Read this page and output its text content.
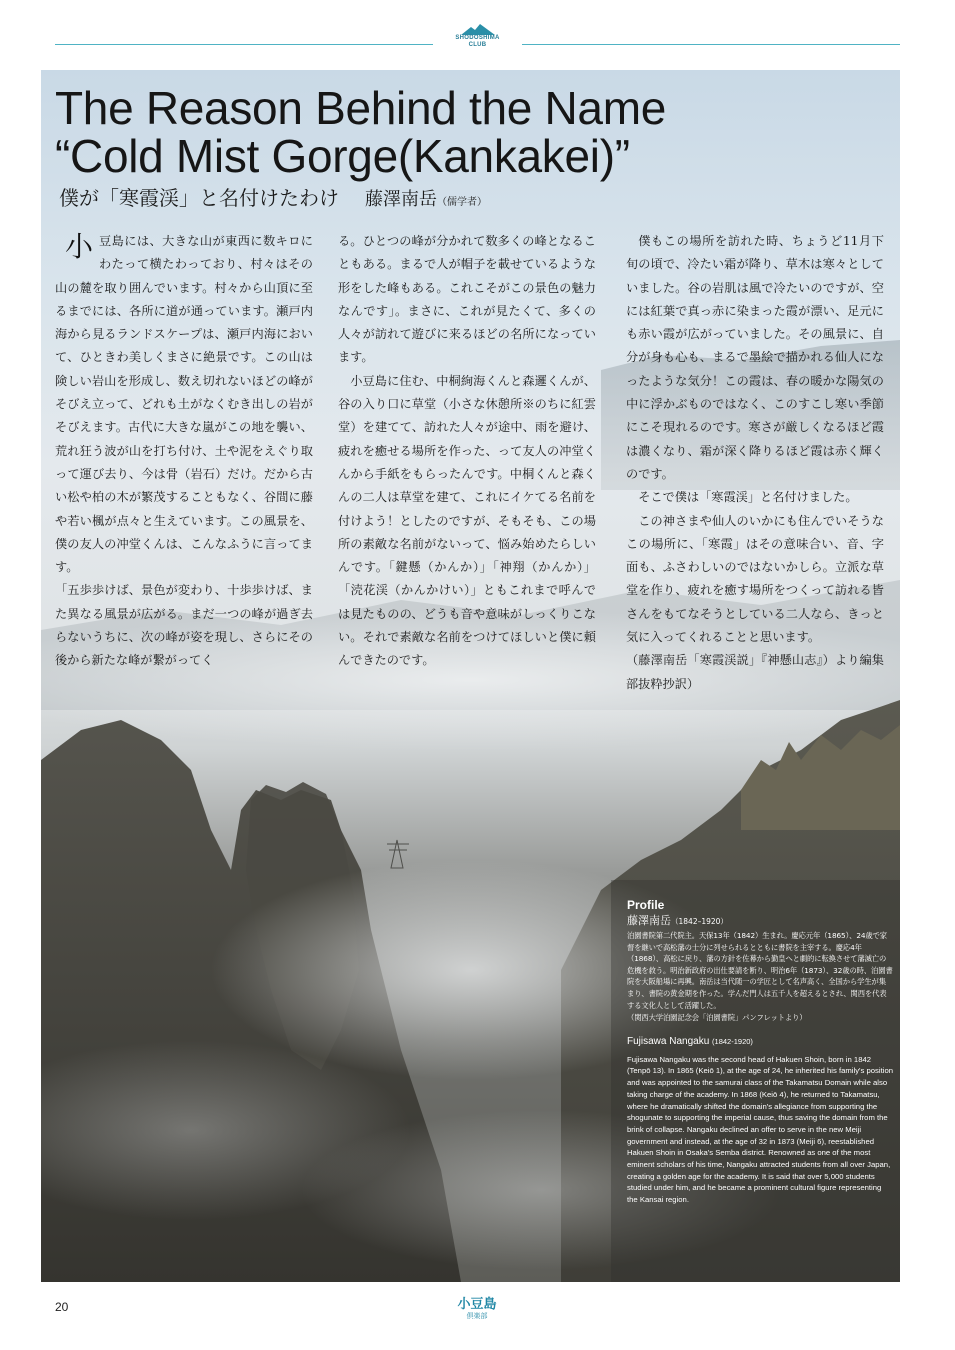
SHODOSHIMA
CLUB
The Reason Behind the Name
“Cold Mist Gorge(Kankakei)”
僕が「寒霞渓」と名付けたわけ 藤澤南岳（儒学者）
小 豆島には、大きな山が東西に数キロにわたって横たわっており、村々はその山の麓を取り囲んでいます。村々から山頂に至るまでには、各所に道が通っています。瀬戸内海から見るランドスケープは、瀬戸内海において、ひときわ美しくまさに絶景です。この山は険しい岩山を形成し、数え切れないほどの峰がそびえ立って、どれも土がなくむき出しの岩がそびえます。古代に大きな嵐がこの地を襲い、荒れ狂う波が山を打ち付け、土や泥をえぐり取って運び去り、今は骨（岩石）だけ。だから古い松や柏の木が繁茂することもなく、谷間に藤や若い楓が点々と生えています。この風景を、僕の友人の冲堂くんは、こんなふうに言ってます。

「五歩歩けば、景色が変わり、十歩歩けば、また異なる風景が広がる。まだ一つの峰が過ぎ去らないうちに、次の峰が姿を現し、さらにその後から新たな峰が繋がってく

る。ひとつの峰が分かれて数多くの峰となることもある。まるで人が帽子を載せているような形をした峰もある。これこそがこの景色の魅力なんです」。まさに、これが見たくて、多くの人々が訪れて遊びに来るほどの名所になっています。

小豆島に住む、中桐絢海くんと森邏くんが、谷の入り口に草堂（小さな休憩所※のちに紅雲堂）を建てて、訪れた人々が途中、雨を避け、疲れを癒せる場所を作った、って友人の冲堂くんから手紙をもらったんです。中桐くんと森くんの二人は草堂を建て、これにイケてる名前を付けよう！としたのですが、そもそも、この場所の素敵な名前がないって、悩み始めたらしいんです。「鍵懸（かんか）」「神翔（かんか）」「涜花渓（かんかけい）」ともこれまで呼んでは見たものの、どうも音や意味がしっくりこない。それで素敵な名前をつけてほしいと僕に頼んできたのです。

僕もこの場所を訪れた時、ちょうど11月下旬の頃で、冷たい霜が降り、草木は寒々としていました。谷の岩肌は風で冷たいのですが、空には紅葉で真っ赤に染まった霞が漂い、足元にも赤い霞が広がっていました。その風景に、自分が身も心も、まるで墨絵で描かれる仙人になったような気分！この霞は、春の暖かな陽気の中に浮かぶものではなく、このすこし寒い季節にこそ現れるのです。寒さが厳しくなるほど霞は濃くなり、霜が深く降りるほど霞は赤く輝くのです。

そこで僕は「寒霞渓」と名付けました。

この神さまや仙人のいかにも住んでいそうなこの場所に、「寒霞」はその意味合い、音、字面も、ふさわしいのではないかしら。立派な草堂を作り、疲れを癒す場所をつくって訪れる皆さんをもてなそうとしている二人なら、きっと気に入ってくれることと思います。

（藤澤南岳「寒霞渓説」『神懸山志』）より編集部抜粋抄訳）

Profile
藤澤南岳（1842–1920）
泊園書院第二代院主。天保13年（1842）生まれ。慶応元年（1865）、24歳で家督を継いで高松藩の士分に列せられるとともに書院を主宰する。慶応4年（1868）、高松に戻り、藩の方針を佐幕から勤皇へと劇的に転換させて藩滅亡の危機を救う。明治新政府の出仕要請を断り、明治6年（1873）、32歳の時、泊園書院を大阪船場に再興。南岳は当代随一の学匠として名声高く、全国から学生が集まり、書院の黄金期を作った。学んだ門人は五千人を超えるとされ、関西を代表する文化人として活躍した。
（関西大学泊園記念会「泊園書院」パンフレットより）
Fujisawa Nangaku (1842-1920)
Fujisawa Nangaku was the second head of Hakuen Shoin, born in 1842 (Tenpō 13). In 1865 (Keiō 1), at the age of 24, he inherited his family's position and was appointed to the samurai class of the Takamatsu Domain while also taking charge of the academy. In 1868 (Keiō 4), he returned to Takamatsu, where he dramatically shifted the domain's allegiance from supporting the shogunate to supporting the imperial cause, thus saving the domain from the brink of collapse. Nangaku declined an offer to serve in the new Meiji government and instead, at the age of 32 in 1873 (Meiji 6), reestablished Hakuen Shoin in Osaka's Semba district. Renowned as one of the most eminent scholars of his time, Nangaku attracted students from all over Japan, creating a golden age for the academy. It is said that over 5,000 students studied under him, and he became a prominent cultural figure representing the Kansai region.
20	小豆島
倶楽部
